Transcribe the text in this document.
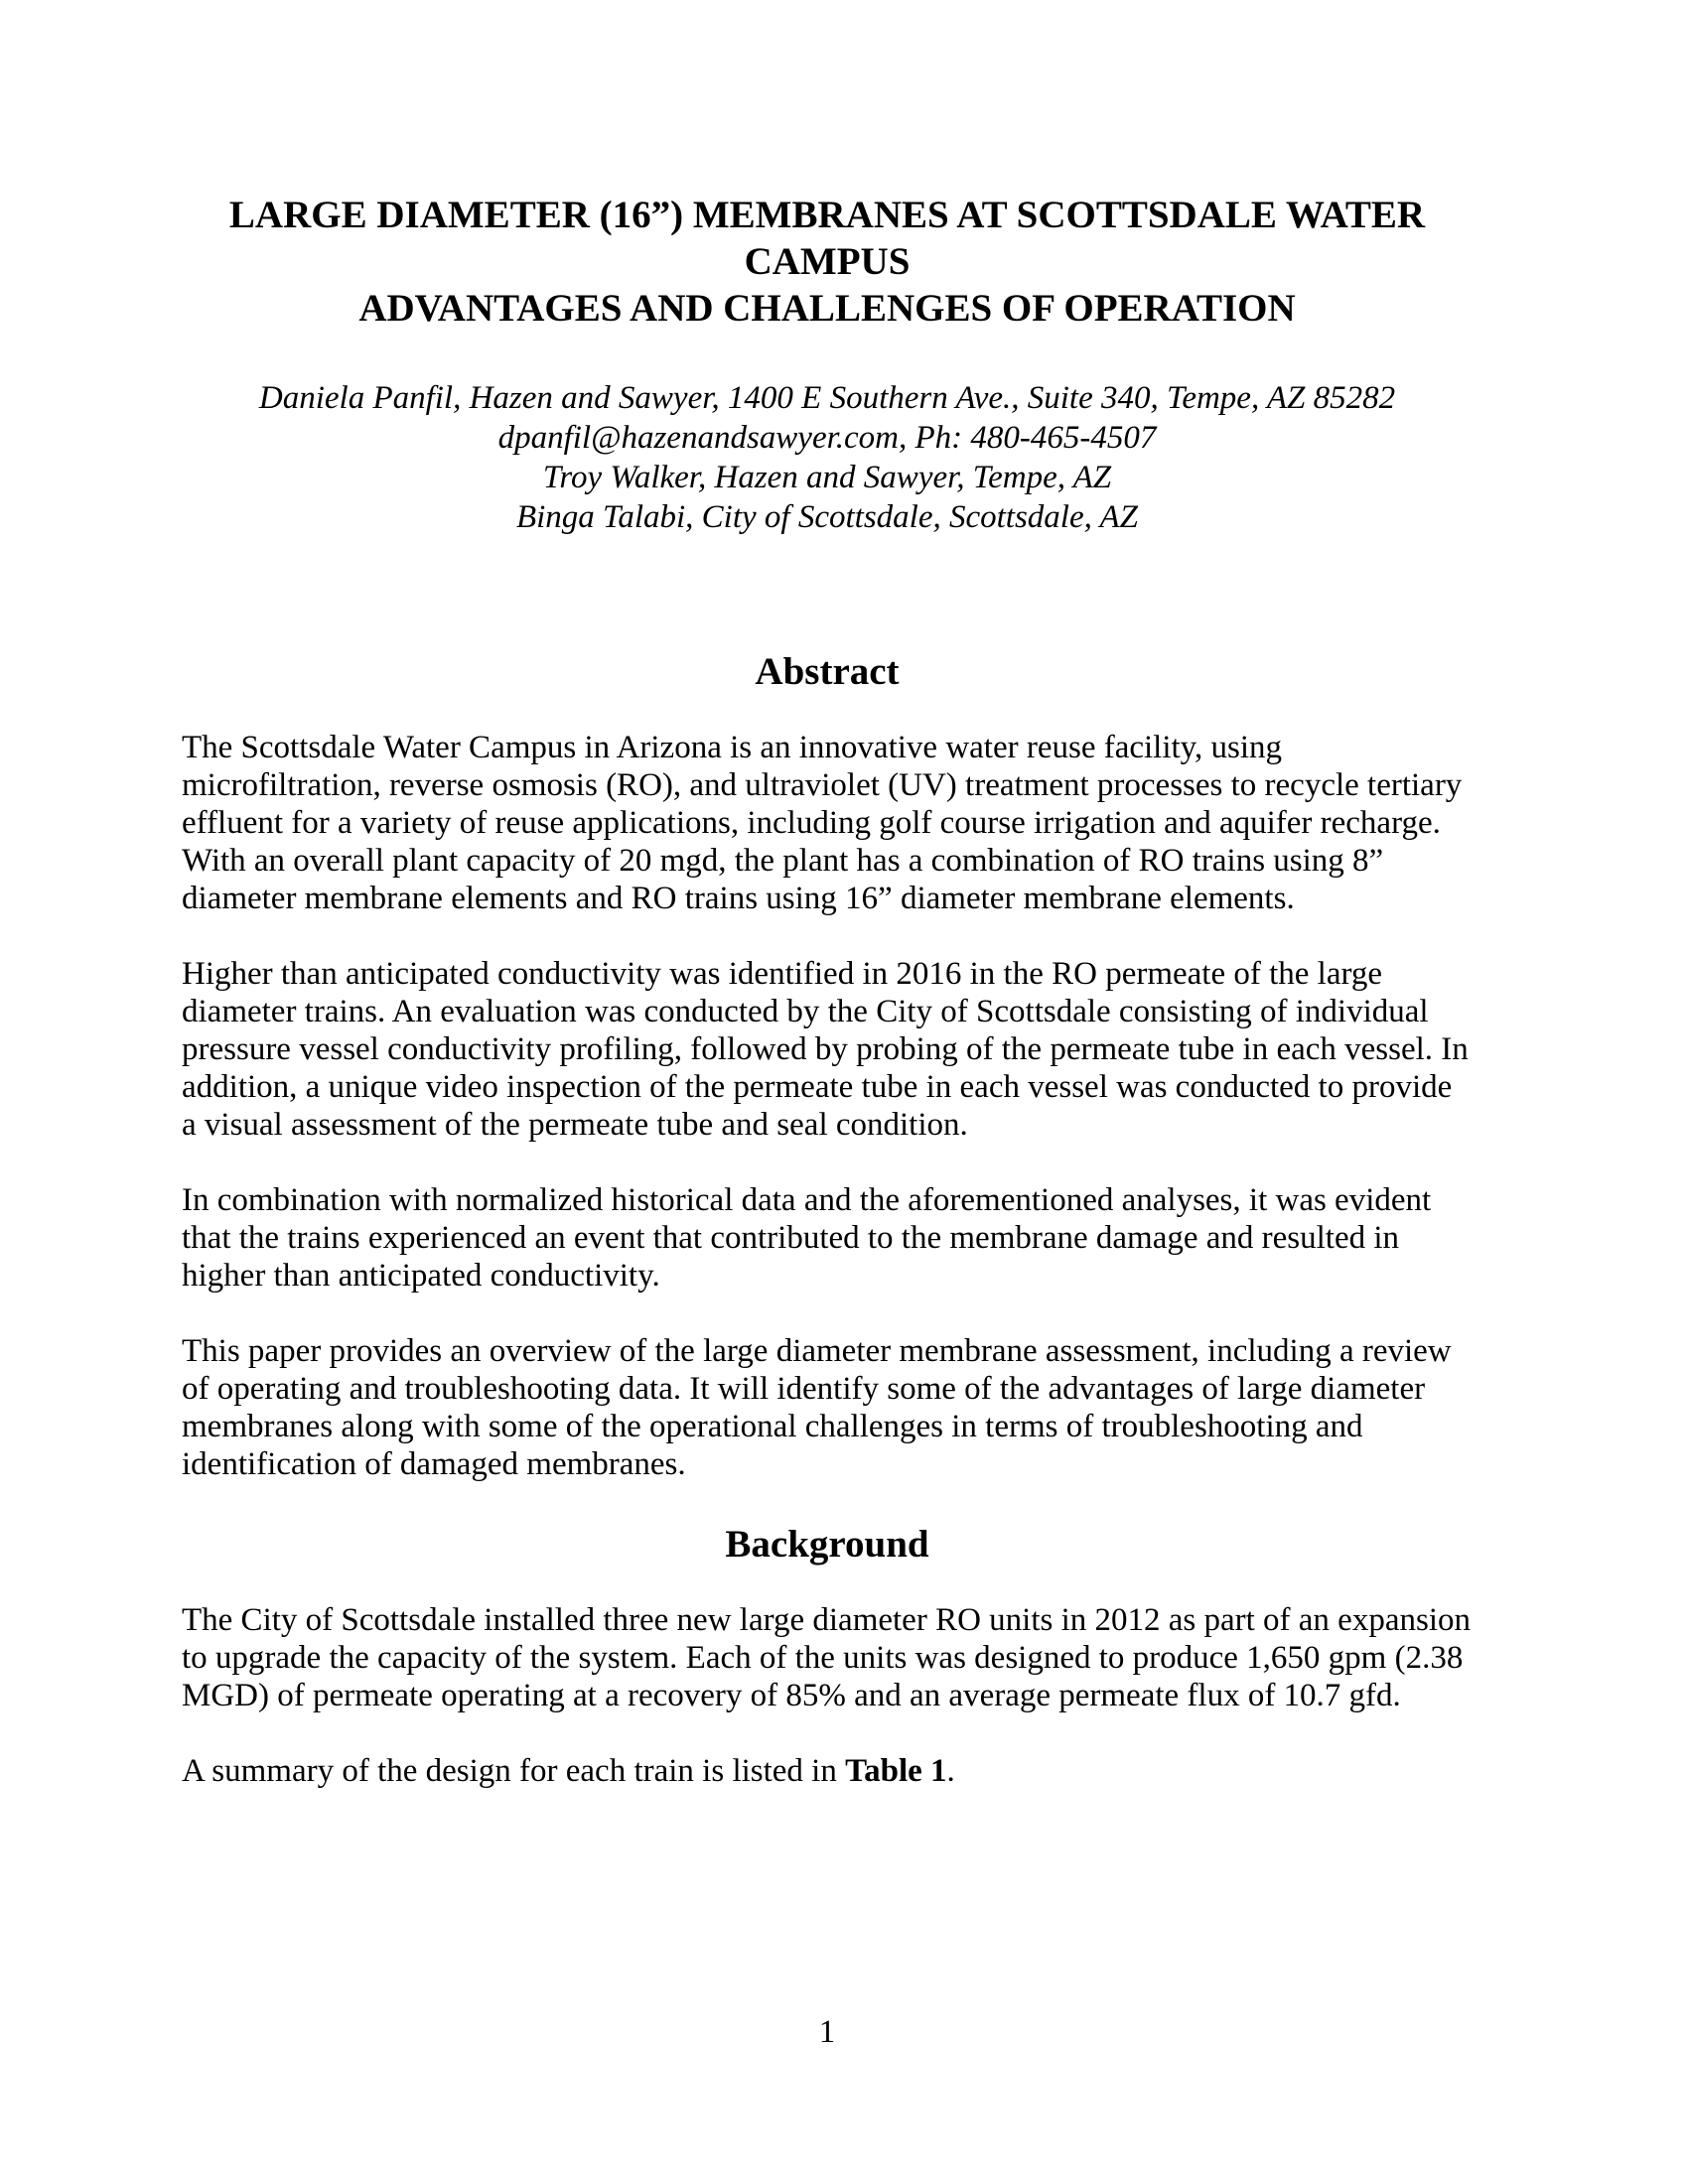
LARGE DIAMETER (16”) MEMBRANES AT SCOTTSDALE WATER
CAMPUS
ADVANTAGES AND CHALLENGES OF OPERATION
Daniela Panfil, Hazen and Sawyer, 1400 E Southern Ave., Suite 340, Tempe, AZ 85282
dpanfil@hazenandsawyer.com, Ph: 480-465-4507
Troy Walker, Hazen and Sawyer, Tempe, AZ
Binga Talabi, City of Scottsdale, Scottsdale, AZ
Abstract

The Scottsdale Water Campus in Arizona is an innovative water reuse facility, using microfiltration, reverse osmosis (RO), and ultraviolet (UV) treatment processes to recycle tertiary effluent for a variety of reuse applications, including golf course irrigation and aquifer recharge. With an overall plant capacity of 20 mgd, the plant has a combination of RO trains using 8” diameter membrane elements and RO trains using 16” diameter membrane elements.

Higher than anticipated conductivity was identified in 2016 in the RO permeate of the large diameter trains. An evaluation was conducted by the City of Scottsdale consisting of individual pressure vessel conductivity profiling, followed by probing of the permeate tube in each vessel. In addition, a unique video inspection of the permeate tube in each vessel was conducted to provide a visual assessment of the permeate tube and seal condition.

In combination with normalized historical data and the aforementioned analyses, it was evident that the trains experienced an event that contributed to the membrane damage and resulted in higher than anticipated conductivity.

This paper provides an overview of the large diameter membrane assessment, including a review of operating and troubleshooting data. It will identify some of the advantages of large diameter membranes along with some of the operational challenges in terms of troubleshooting and identification of damaged membranes.

Background

The City of Scottsdale installed three new large diameter RO units in 2012 as part of an expansion to upgrade the capacity of the system. Each of the units was designed to produce 1,650 gpm (2.38 MGD) of permeate operating at a recovery of 85% and an average permeate flux of 10.7 gfd.

A summary of the design for each train is listed in Table 1.

1
